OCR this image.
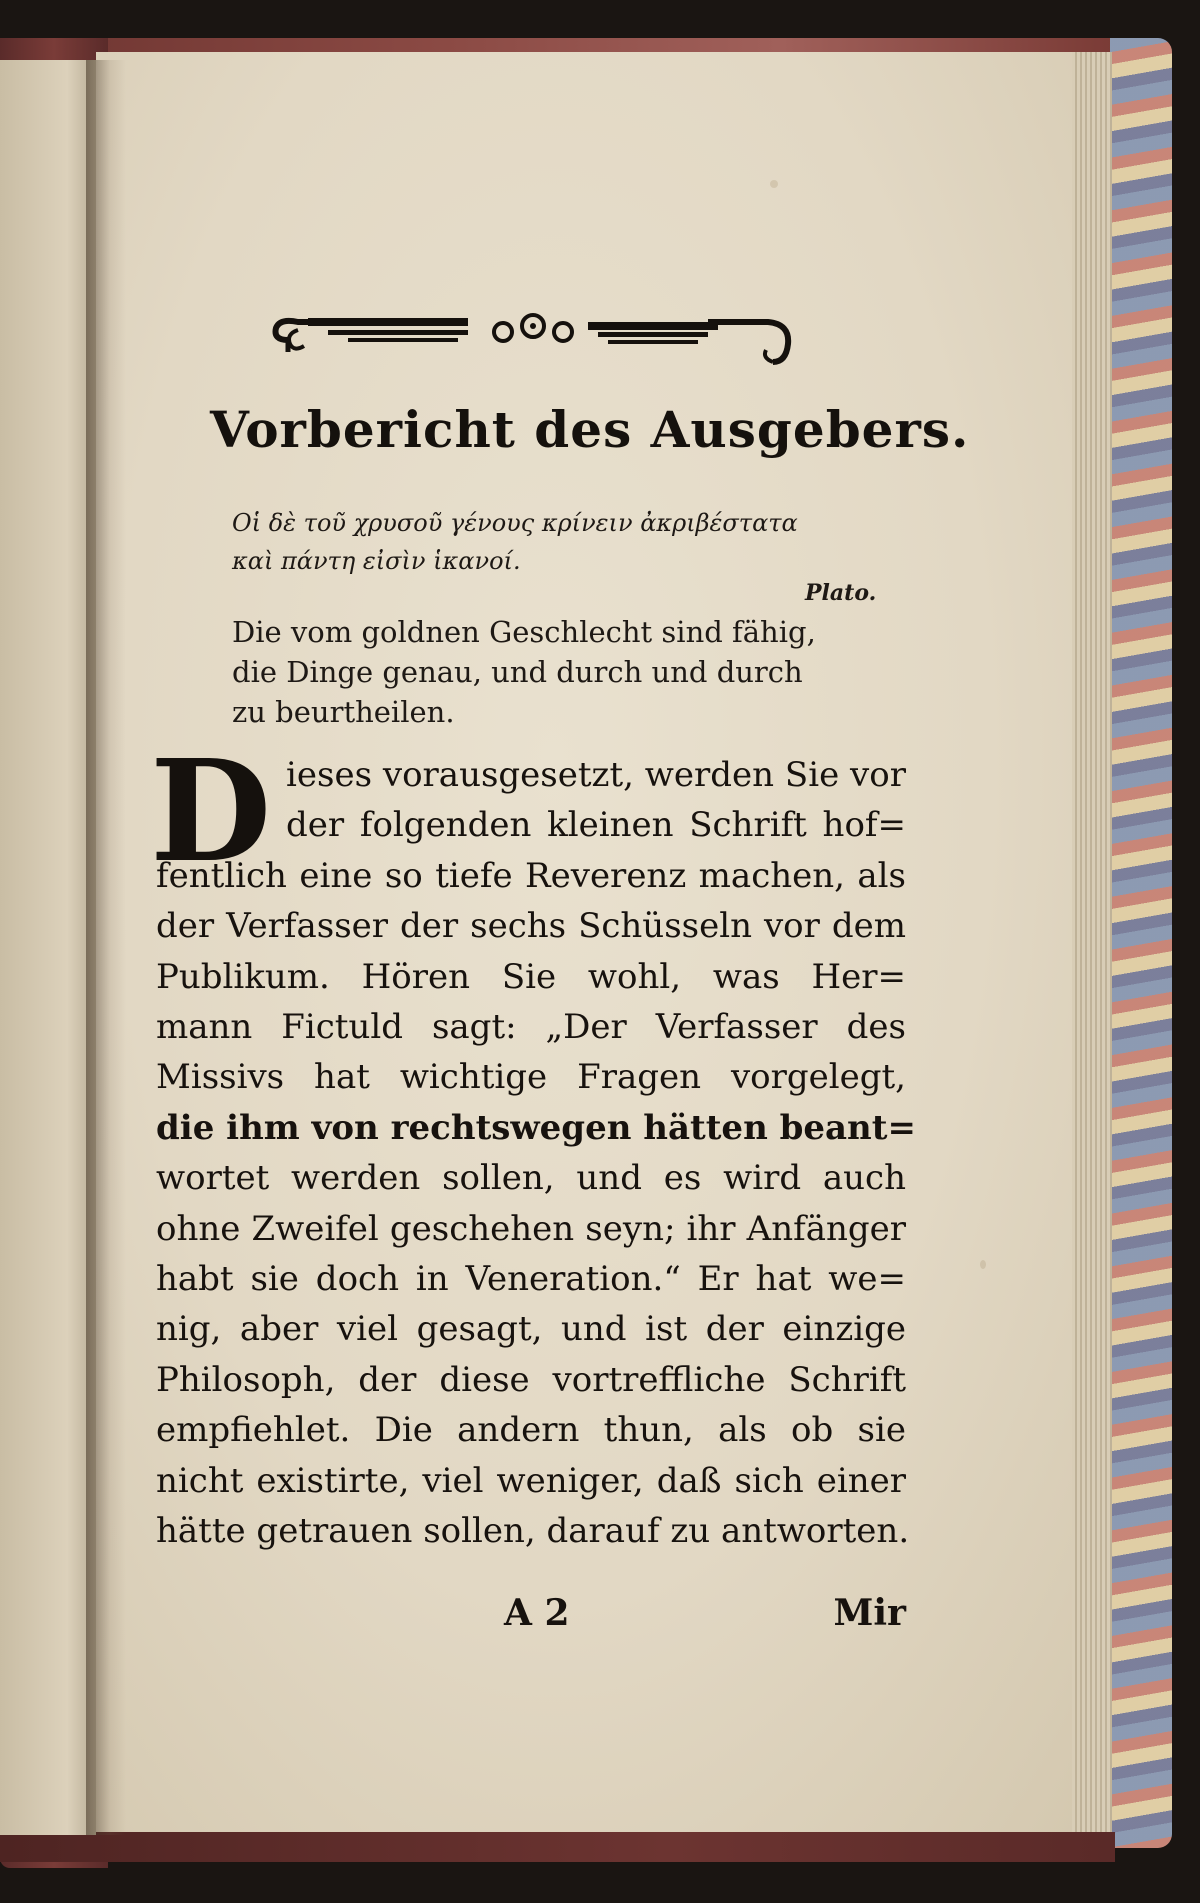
Vorbericht des Ausgebers.
Οἱ δὲ τοῦ χρυσοῦ γένους κρίνειν ἀκριβέστατα
καὶ πάντη εἰσὶν ἱκανοί.
Plato.
Die vom goldnen Geschlecht sind fähig,
die Dinge genau, und durch und durch
zu beurtheilen.
D ieses vorausgesetzt, werden Sie vor
der folgenden kleinen Schrift hof=
fentlich eine so tiefe Reverenz machen, als
der Verfasser der sechs Schüsseln vor dem
Publikum. Hören Sie wohl, was Her=
mann Fictuld sagt: „Der Verfasser des
Missivs hat wichtige Fragen vorgelegt,
die ihm von rechtswegen hätten beant=
wortet werden sollen, und es wird auch
ohne Zweifel geschehen seyn; ihr Anfänger
habt sie doch in Veneration.“ Er hat we=
nig, aber viel gesagt, und ist der einzige
Philosoph, der diese vortreffliche Schrift
empfiehlet. Die andern thun, als ob sie
nicht existirte, viel weniger, daß sich einer
hätte getrauen sollen, darauf zu antworten.
A 2	Mir
